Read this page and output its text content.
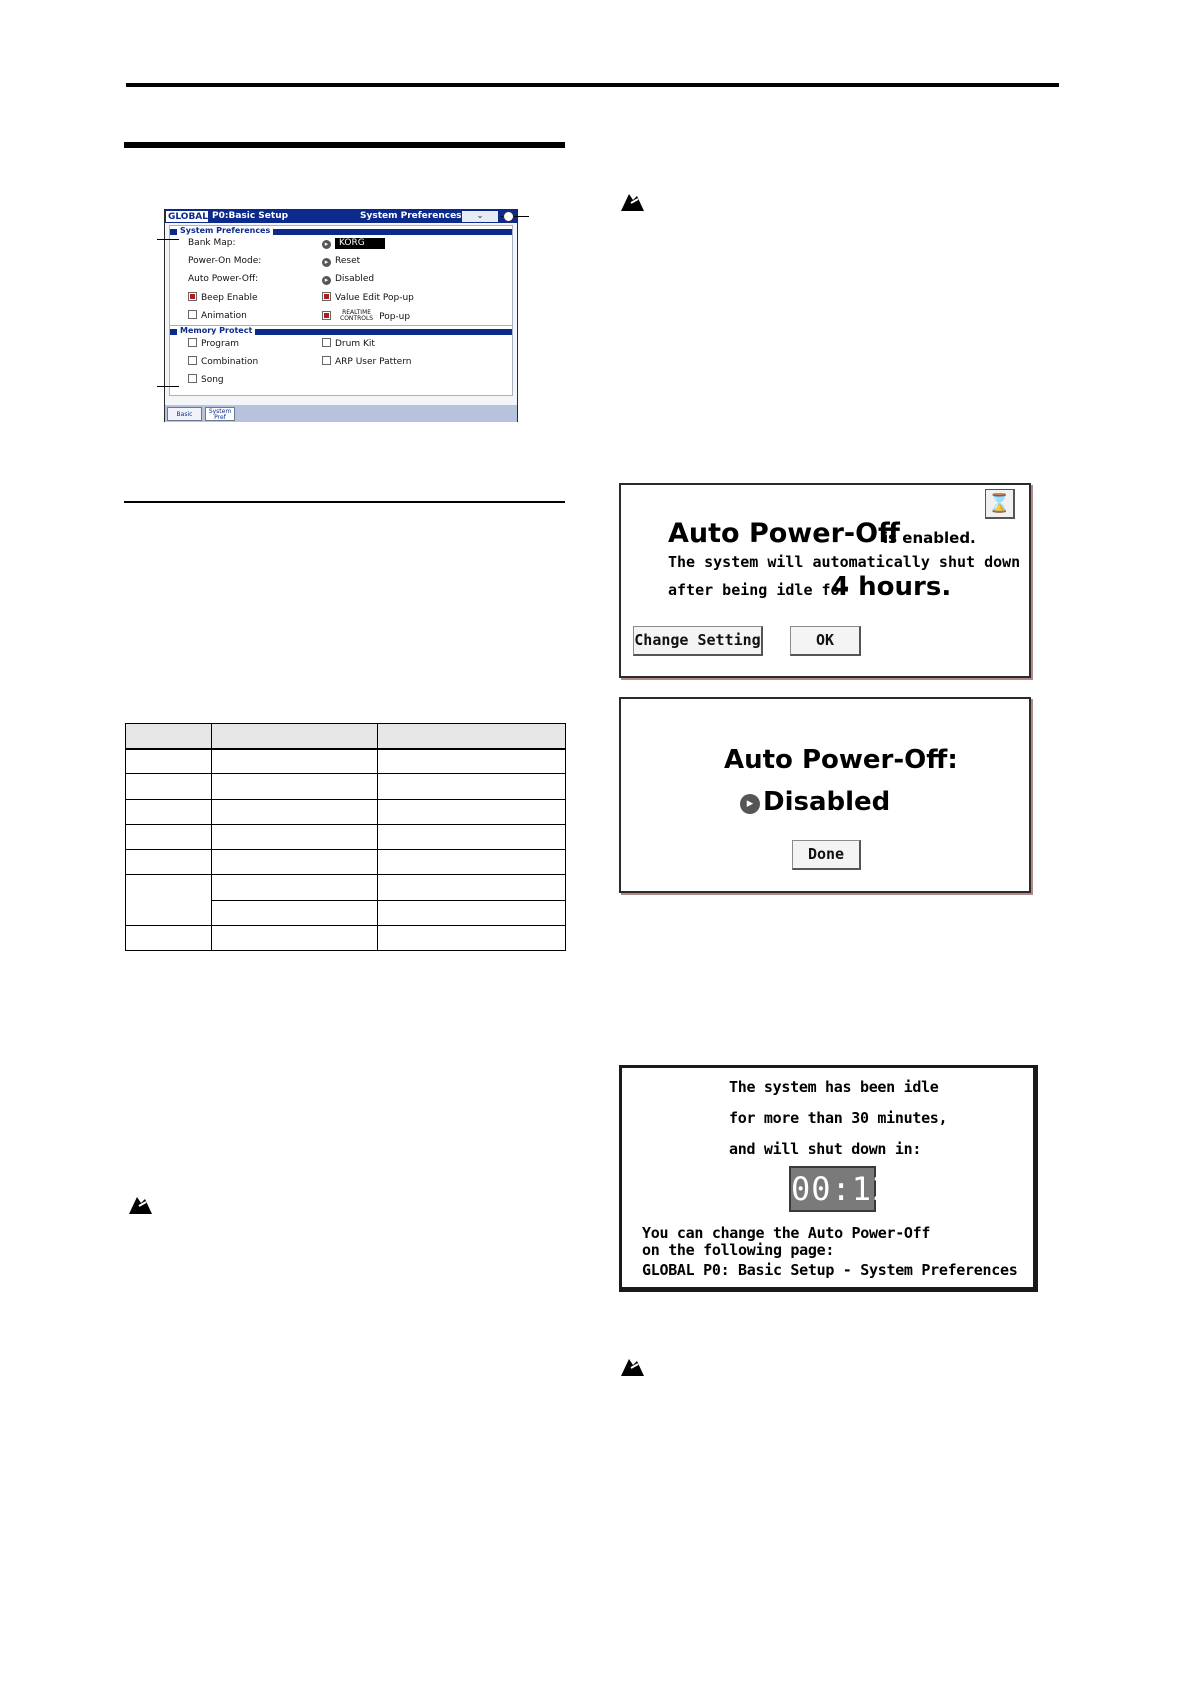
GLOBAL P0:Basic Setup	System Preferences	⌄
System Preferences
Bank Map:	▸ KORG
Power-On Mode:	▸ Reset
Auto Power-Off:	▸ Disabled
Beep Enable	Value Edit Pop-up
Animation	REALTIME
CONTROLS Pop-up
Memory Protect
Program	Drum Kit
Combination	ARP User Pattern
Song
Basic	System
Pref

⌛
Auto Power-Off
is enabled.
The system will automatically shut down
after being idle for
4 hours.
Change Setting	OK
Auto Power-Off:
▸ Disabled
Done
The system has been idle
for more than 30 minutes,
and will shut down in:
00:12
You can change the Auto Power-Off
on the following page:
GLOBAL P0: Basic Setup - System Preferences
